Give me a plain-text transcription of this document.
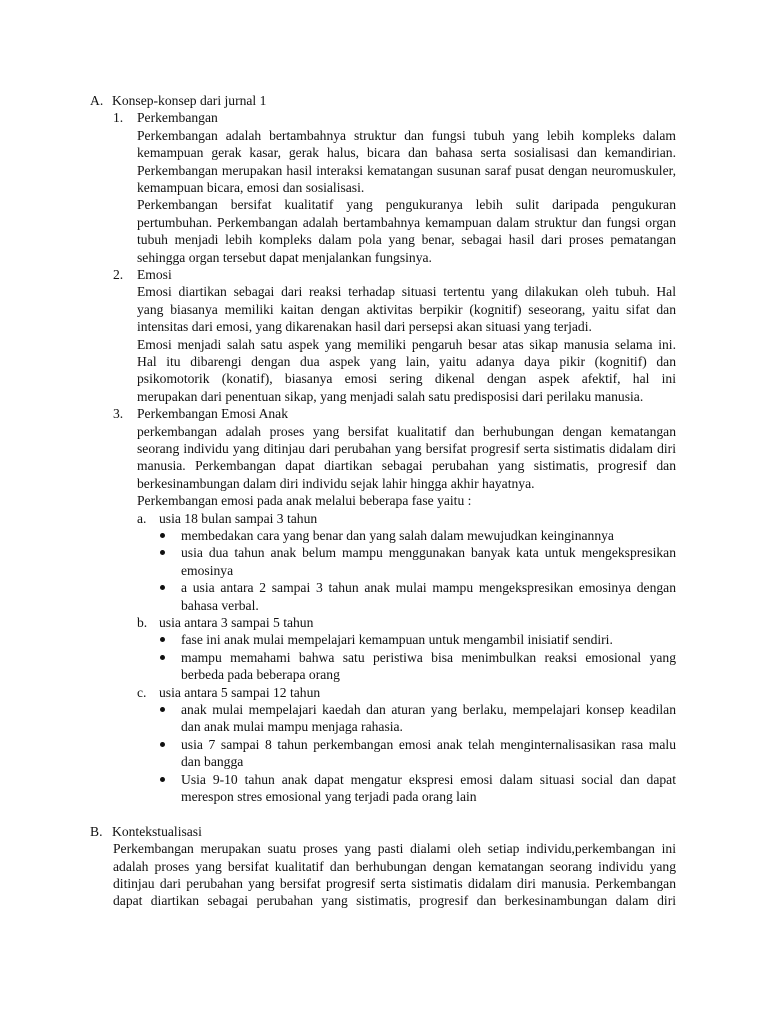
A. Konsep-konsep dari jurnal 1
1. Perkembangan
Perkembangan adalah bertambahnya struktur dan fungsi tubuh yang lebih kompleks dalam
kemampuan gerak kasar, gerak halus, bicara dan bahasa serta sosialisasi dan kemandirian.
Perkembangan merupakan hasil interaksi kematangan susunan saraf pusat dengan neuromuskuler,
kemampuan bicara, emosi dan sosialisasi.
Perkembangan bersifat kualitatif yang pengukuranya lebih sulit daripada pengukuran
pertumbuhan. Perkembangan adalah bertambahnya kemampuan dalam struktur dan fungsi organ
tubuh menjadi lebih kompleks dalam pola yang benar, sebagai hasil dari proses pematangan
sehingga organ tersebut dapat menjalankan fungsinya.
2. Emosi
Emosi diartikan sebagai dari reaksi terhadap situasi tertentu yang dilakukan oleh tubuh. Hal
yang biasanya memiliki kaitan dengan aktivitas berpikir (kognitif) seseorang, yaitu sifat dan
intensitas dari emosi, yang dikarenakan hasil dari persepsi akan situasi yang terjadi.
Emosi menjadi salah satu aspek yang memiliki pengaruh besar atas sikap manusia selama ini.
Hal itu dibarengi dengan dua aspek yang lain, yaitu adanya daya pikir (kognitif) dan
psikomotorik (konatif), biasanya emosi sering dikenal dengan aspek afektif, hal ini
merupakan dari penentuan sikap, yang menjadi salah satu predisposisi dari perilaku manusia.
3. Perkembangan Emosi Anak
perkembangan adalah proses yang bersifat kualitatif dan berhubungan dengan kematangan
seorang individu yang ditinjau dari perubahan yang bersifat progresif serta sistimatis didalam diri
manusia. Perkembangan dapat diartikan sebagai perubahan yang sistimatis, progresif dan
berkesinambungan dalam diri individu sejak lahir hingga akhir hayatnya.
Perkembangan emosi pada anak melalui beberapa fase yaitu :
a. usia 18 bulan sampai 3 tahun
membedakan cara yang benar dan yang salah dalam mewujudkan keinginannya
usia dua tahun anak belum mampu menggunakan banyak kata untuk mengekspresikan
emosinya
a usia antara 2 sampai 3 tahun anak mulai mampu mengekspresikan emosinya dengan
bahasa verbal.
b. usia antara 3 sampai 5 tahun
fase ini anak mulai mempelajari kemampuan untuk mengambil inisiatif sendiri.
mampu memahami bahwa satu peristiwa bisa menimbulkan reaksi emosional yang
berbeda pada beberapa orang
c. usia antara 5 sampai 12 tahun
anak mulai mempelajari kaedah dan aturan yang berlaku, mempelajari konsep keadilan
dan anak mulai mampu menjaga rahasia.
usia 7 sampai 8 tahun perkembangan emosi anak telah menginternalisasikan rasa malu
dan bangga
Usia 9-10 tahun anak dapat mengatur ekspresi emosi dalam situasi social dan dapat
merespon stres emosional yang terjadi pada orang lain
B. Kontekstualisasi
Perkembangan merupakan suatu proses yang pasti dialami oleh setiap individu,perkembangan ini
adalah proses yang bersifat kualitatif dan berhubungan dengan kematangan seorang individu yang
ditinjau dari perubahan yang bersifat progresif serta sistimatis didalam diri manusia. Perkembangan
dapat diartikan sebagai perubahan yang sistimatis, progresif dan berkesinambungan dalam diri
